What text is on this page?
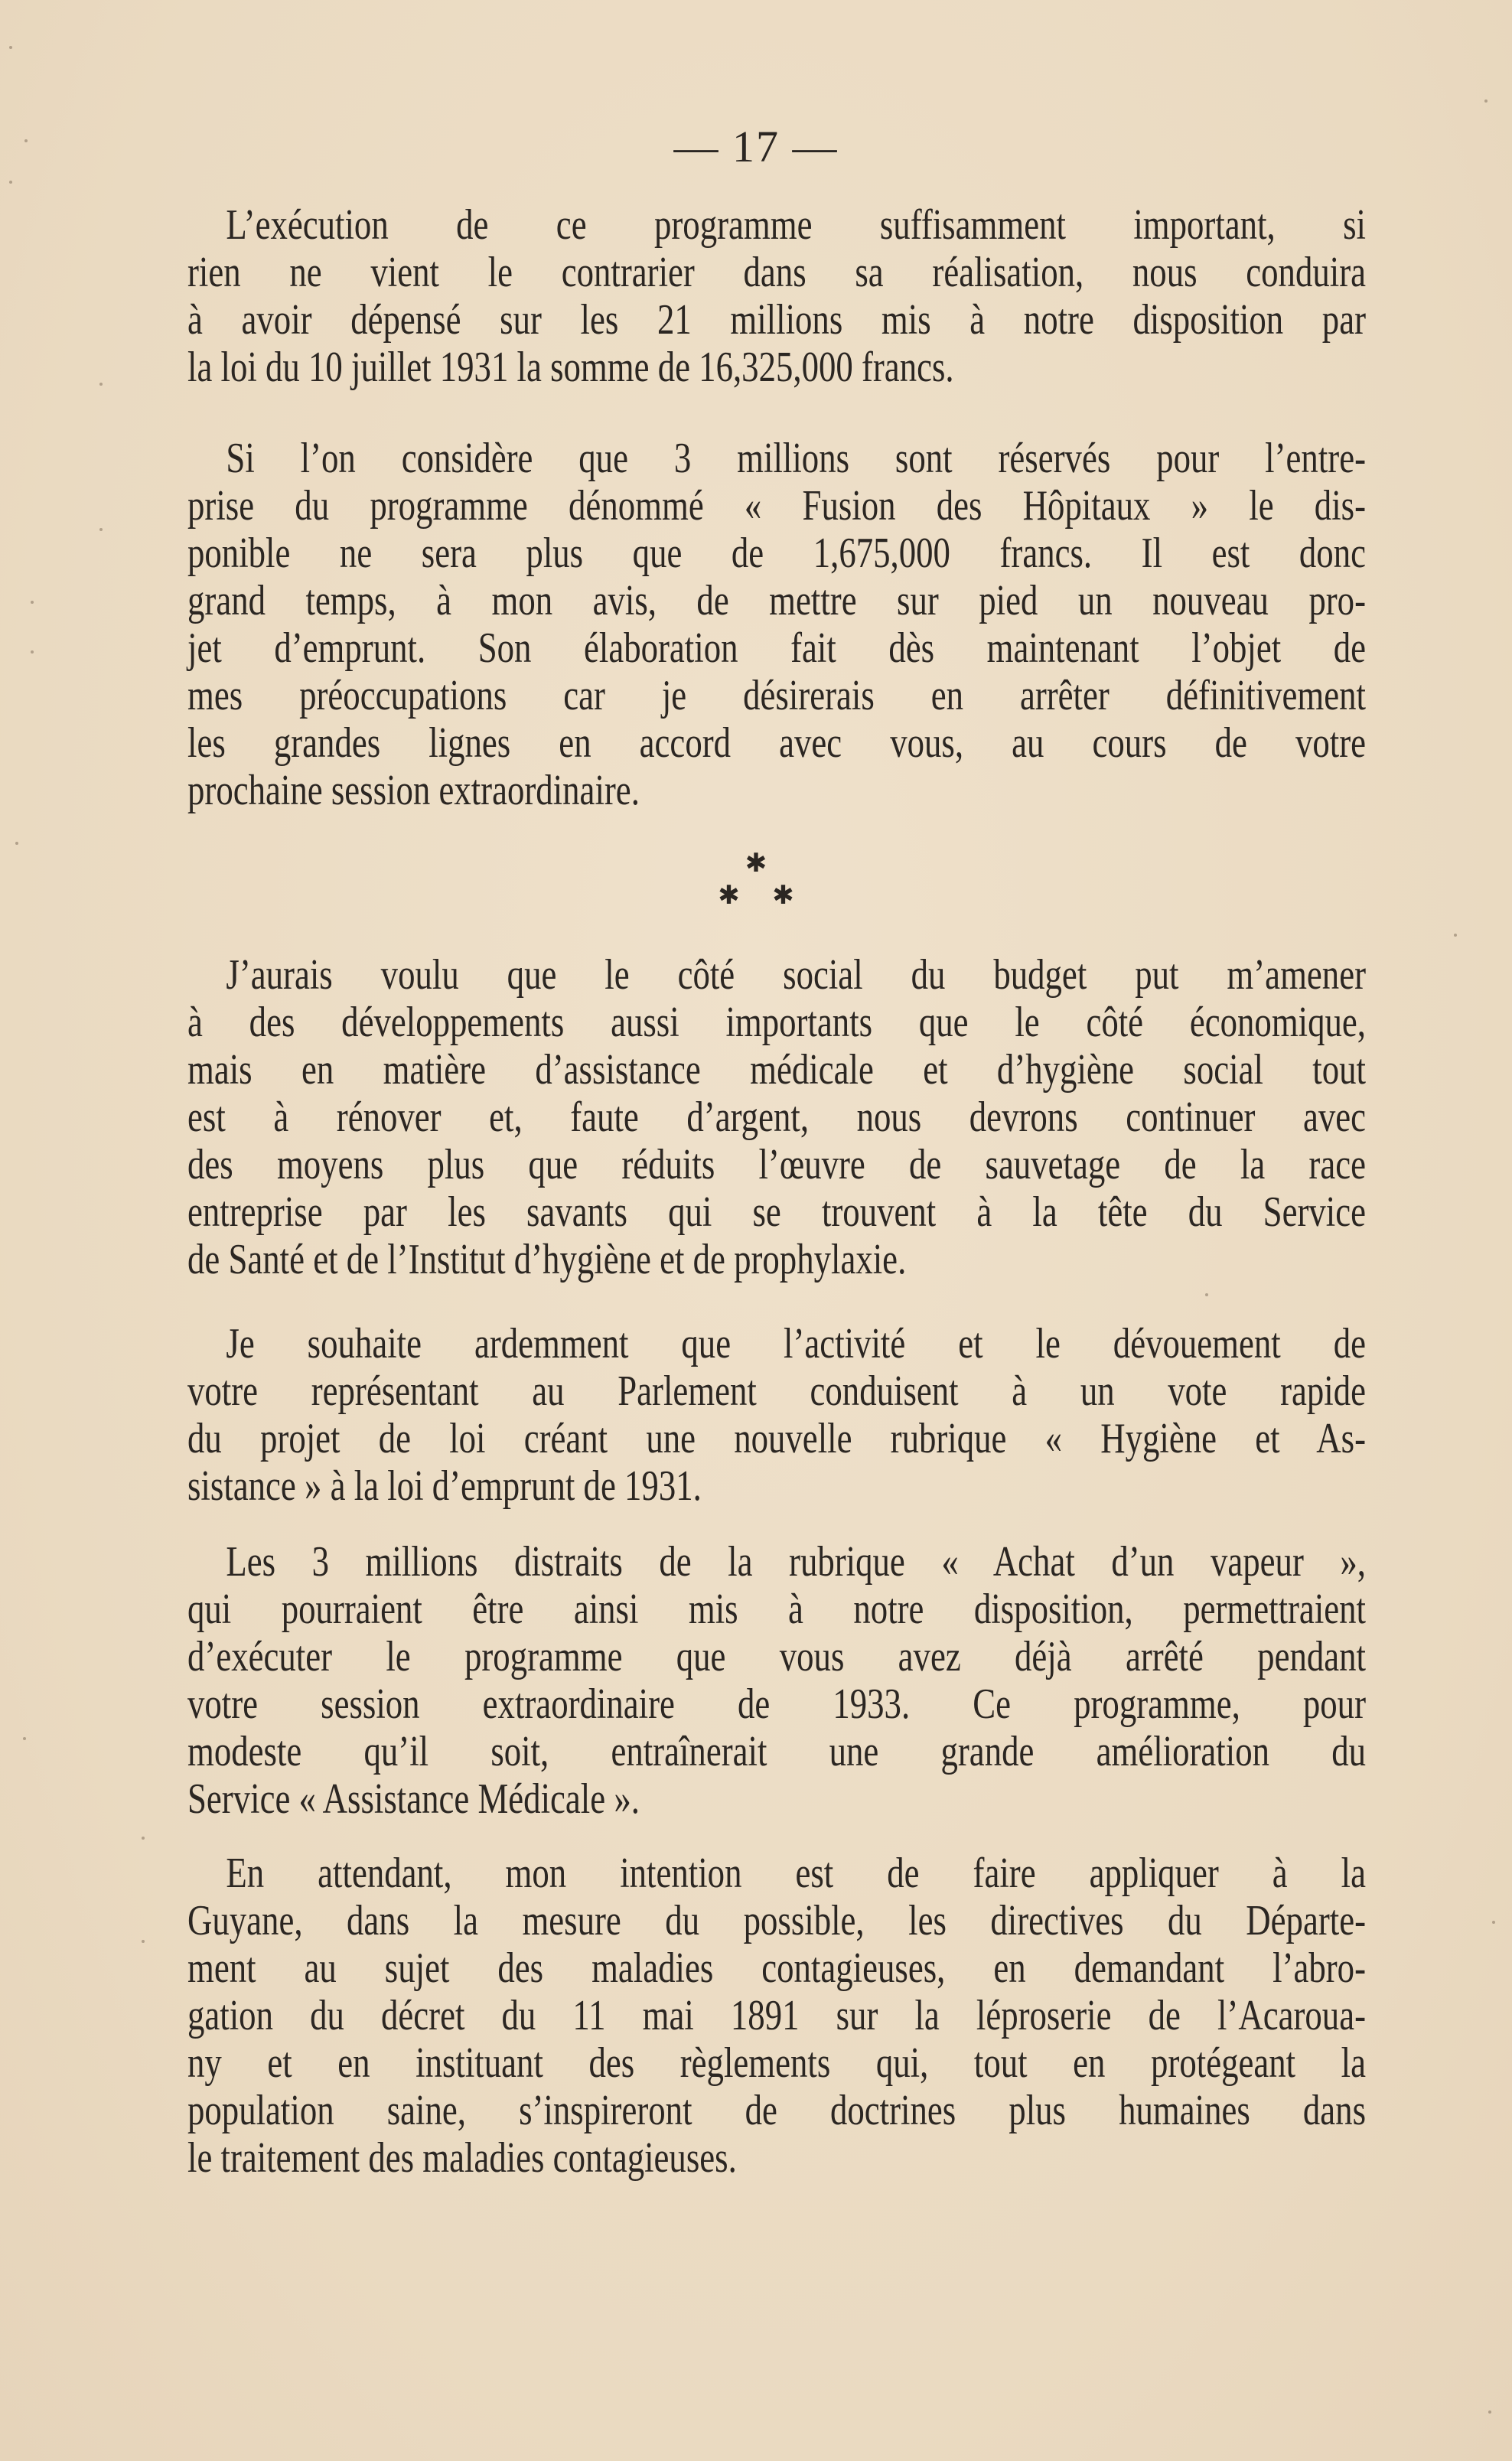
— 17 —
L’exécution de ce programme suffisamment important, si
rien ne vient le contrarier dans sa réalisation, nous conduira
à avoir dépensé sur les 21 millions mis à notre disposition par
la loi du 10 juillet 1931 la somme de 16,325,000 francs.
Si l’on considère que 3 millions sont réservés pour l’entre-
prise du programme dénommé « Fusion des Hôpitaux » le dis-
ponible ne sera plus que de 1,675,000 francs. Il est donc
grand temps, à mon avis, de mettre sur pied un nouveau pro-
jet d’emprunt. Son élaboration fait dès maintenant l’objet de
mes préoccupations car je désirerais en arrêter définitivement
les grandes lignes en accord avec vous, au cours de votre
prochaine session extraordinaire.
✱
✱     ✱
J’aurais voulu que le côté social du budget put m’amener
à des développements aussi importants que le côté économique,
mais en matière d’assistance médicale et d’hygiène social tout
est à rénover et, faute d’argent, nous devrons continuer avec
des moyens plus que réduits l’œuvre de sauvetage de la race
entreprise par les savants qui se trouvent à la tête du Service
de Santé et de l’Institut d’hygiène et de prophylaxie.
Je souhaite ardemment que l’activité et le dévouement de
votre représentant au Parlement conduisent à un vote rapide
du projet de loi créant une nouvelle rubrique « Hygiène et As-
sistance » à la loi d’emprunt de 1931.
Les 3 millions distraits de la rubrique « Achat d’un vapeur »,
qui pourraient être ainsi mis à notre disposition, permettraient
d’exécuter le programme que vous avez déjà arrêté pendant
votre session extraordinaire de 1933. Ce programme, pour
modeste qu’il soit, entraînerait une grande amélioration du
Service « Assistance Médicale ».
En attendant, mon intention est de faire appliquer à la
Guyane, dans la mesure du possible, les directives du Départe-
ment au sujet des maladies contagieuses, en demandant l’abro-
gation du décret du 11 mai 1891 sur la léproserie de l’Acaroua-
ny et en instituant des règlements qui, tout en protégeant la
population saine, s’inspireront de doctrines plus humaines dans
le traitement des maladies contagieuses.
